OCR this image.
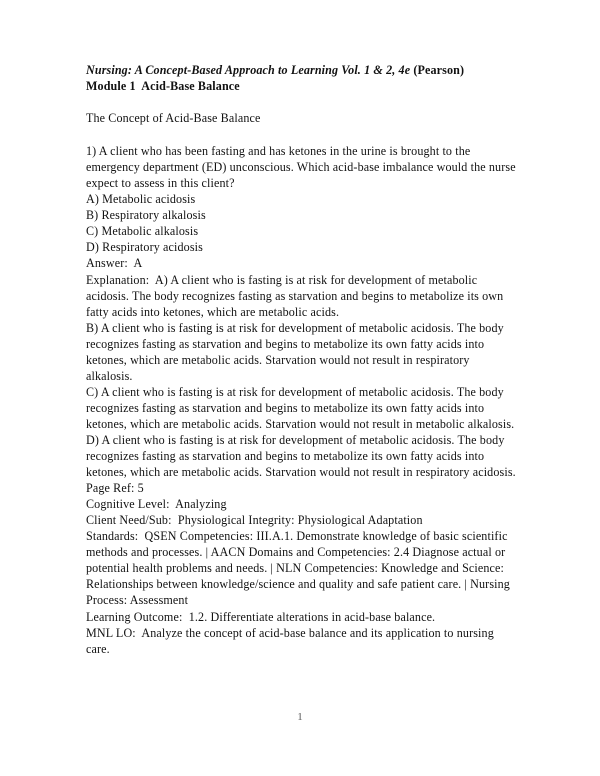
Nursing: A Concept-Based Approach to Learning Vol. 1 & 2, 4e (Pearson)
Module 1  Acid-Base Balance
The Concept of Acid-Base Balance
1) A client who has been fasting and has ketones in the urine is brought to the emergency department (ED) unconscious. Which acid-base imbalance would the nurse expect to assess in this client?
A) Metabolic acidosis
B) Respiratory alkalosis
C) Metabolic alkalosis
D) Respiratory acidosis
Answer:  A
Explanation:  A) A client who is fasting is at risk for development of metabolic acidosis. The body recognizes fasting as starvation and begins to metabolize its own fatty acids into ketones, which are metabolic acids.
B) A client who is fasting is at risk for development of metabolic acidosis. The body recognizes fasting as starvation and begins to metabolize its own fatty acids into ketones, which are metabolic acids. Starvation would not result in respiratory alkalosis.
C) A client who is fasting is at risk for development of metabolic acidosis. The body recognizes fasting as starvation and begins to metabolize its own fatty acids into ketones, which are metabolic acids. Starvation would not result in metabolic alkalosis.
D) A client who is fasting is at risk for development of metabolic acidosis. The body recognizes fasting as starvation and begins to metabolize its own fatty acids into ketones, which are metabolic acids. Starvation would not result in respiratory acidosis.
Page Ref: 5
Cognitive Level:  Analyzing
Client Need/Sub:  Physiological Integrity: Physiological Adaptation
Standards:  QSEN Competencies: III.A.1. Demonstrate knowledge of basic scientific methods and processes. | AACN Domains and Competencies: 2.4 Diagnose actual or potential health problems and needs. | NLN Competencies: Knowledge and Science: Relationships between knowledge/science and quality and safe patient care. | Nursing Process: Assessment
Learning Outcome:  1.2. Differentiate alterations in acid-base balance.
MNL LO:  Analyze the concept of acid-base balance and its application to nursing care.
1
